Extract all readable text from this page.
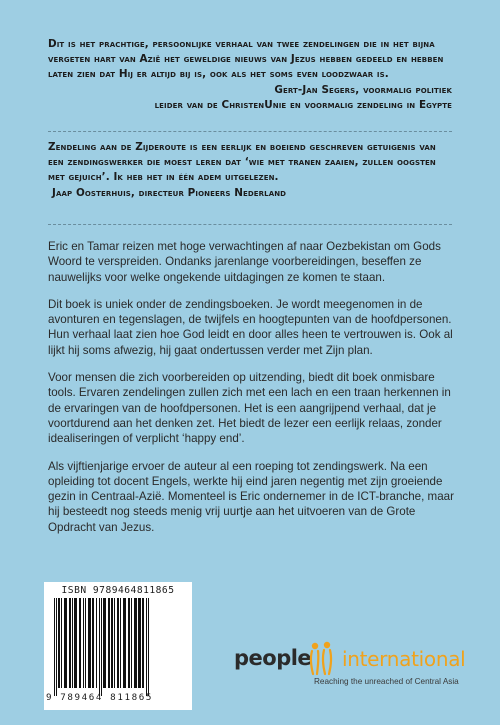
Dit is het prachtige, persoonlijke verhaal van twee zendelingen die in het bijna vergeten hart van Azië het geweldige nieuws van Jezus hebben gedeeld en hebben laten zien dat Hij er altijd bij is, ook als het soms even loodzwaar is.

Gert-Jan Segers, voormalig politiek

leider van de ChristenUnie en voormalig zendeling in Egypte

Zendeling aan de Zijderoute is een eerlijk en boeiend geschreven getuigenis van een zendingswerker die moest leren dat ‘wie met tranen zaaien, zullen oogsten met gejuich’. Ik heb het in één adem uitgelezen.

Jaap Oosterhuis, directeur Pioneers Nederland

Eric en Tamar reizen met hoge verwachtingen af naar Oezbekistan om Gods Woord te verspreiden. Ondanks jarenlange voorbereidingen, beseffen ze nauwelijks voor welke ongekende uitdagingen ze komen te staan.

Dit boek is uniek onder de zendingsboeken. Je wordt meegenomen in de avonturen en tegenslagen, de twijfels en hoogtepunten van de hoofdpersonen. Hun verhaal laat zien hoe God leidt en door alles heen te vertrouwen is. Ook al lijkt hij soms afwezig, hij gaat ondertussen verder met Zijn plan.

Voor mensen die zich voorbereiden op uitzending, biedt dit boek onmisbare tools. Ervaren zendelingen zullen zich met een lach en een traan herkennen in de ervaringen van de hoofdpersonen. Het is een aangrijpend verhaal, dat je voortdurend aan het denken zet. Het biedt de lezer een eerlijk relaas, zonder idealiseringen of verplicht ‘happy end’.

Als vijftienjarige ervoer de auteur al een roeping tot zendingswerk. Na een opleiding tot docent Engels, werkte hij eind jaren negentig met zijn groeiende gezin in Centraal-Azië. Momenteel is Eric ondernemer in de ICT-branche, maar hij besteedt nog steeds menig vrij uurtje aan het uitvoeren van de Grote Opdracht van Jezus.

ISBN 9789464811865
9 789464 811865
people international
Reaching the unreached of Central Asia
